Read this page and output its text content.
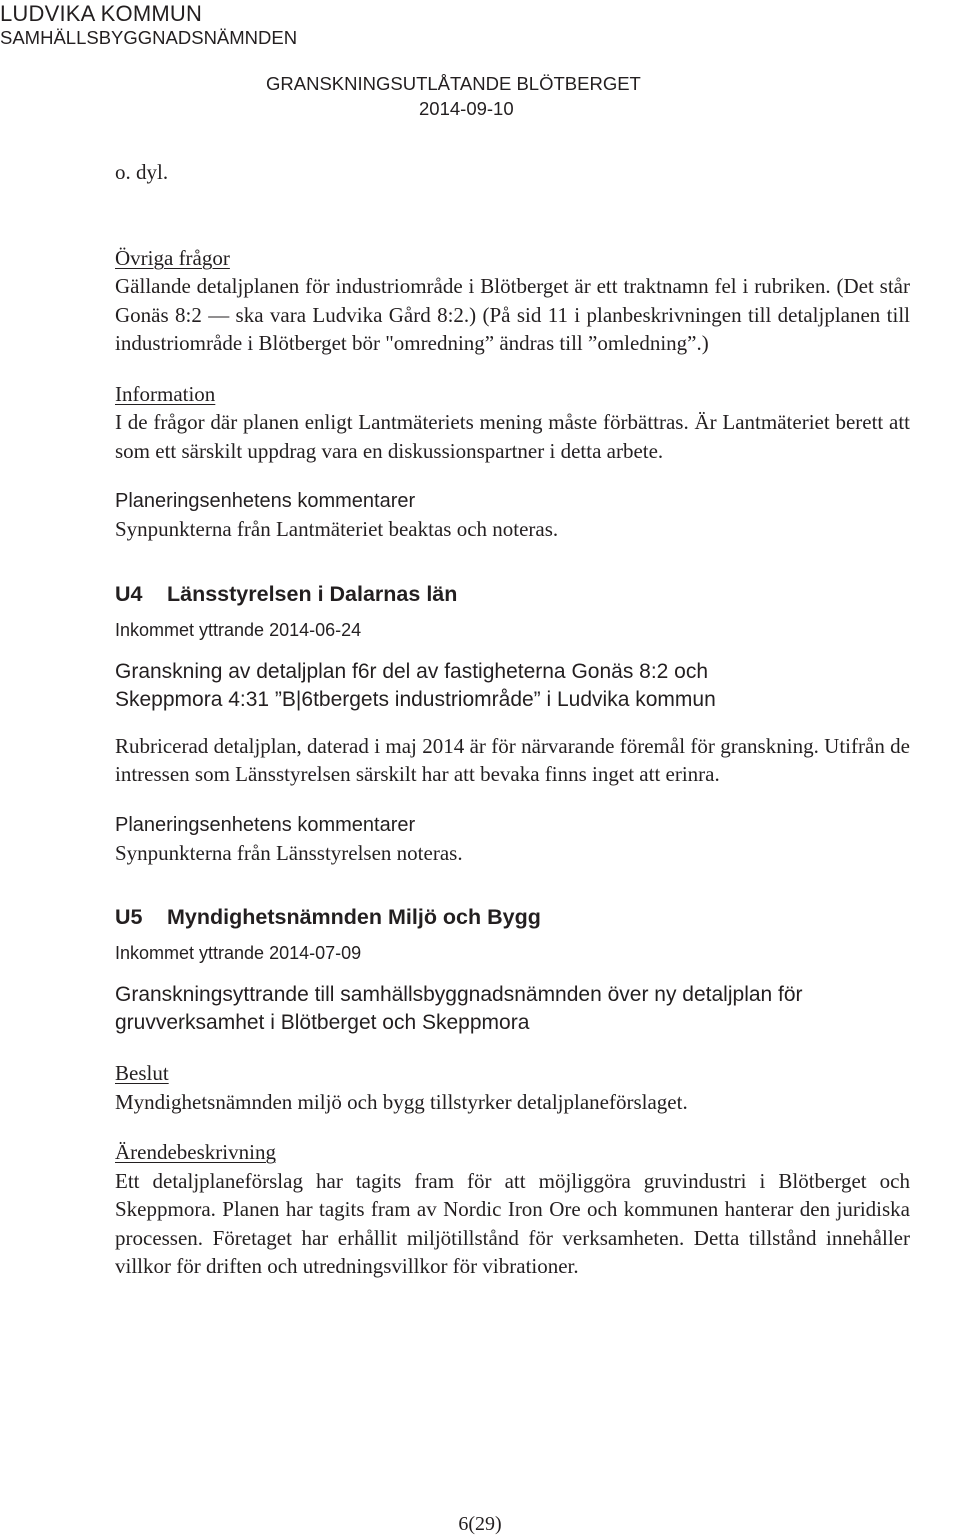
LUDVIKA KOMMUN
SAMHÄLLSBYGGNADSNÄMNDEN
GRANSKNINGSUTLÅTANDE BLÖTBERGET
2014-09-10

o. dyl.

Övriga frågor

Gällande detaljplanen för industriområde i Blötberget är ett traktnamn fel i rubriken. (Det står Gonäs 8:2 — ska vara Ludvika Gård 8:2.) (På sid 11 i planbeskrivningen till detaljplanen till industriområde i Blötberget bör "omredning” ändras till ”omledning”.)

Information

I de frågor där planen enligt Lantmäteriets mening måste förbättras. Är Lantmäteriet berett att som ett särskilt uppdrag vara en diskussionspartner i detta arbete.

Planeringsenhetens kommentarer

Synpunkterna från Lantmäteriet beaktas och noteras.

U4 Länsstyrelsen i Dalarnas län

Inkommet yttrande 2014-06-24

Granskning av detaljplan f6r del av fastigheterna Gonäs 8:2 och

Skeppmora 4:31 ”B|6tbergets industriområde” i Ludvika kommun

Rubricerad detaljplan, daterad i maj 2014 är för närvarande föremål för granskning. Utifrån de intressen som Länsstyrelsen särskilt har att bevaka finns inget att erinra.

Planeringsenhetens kommentarer

Synpunkterna från Länsstyrelsen noteras.

U5 Myndighetsnämnden Miljö och Bygg

Inkommet yttrande 2014-07-09

Granskningsyttrande till samhällsbyggnadsnämnden över ny detaljplan för

gruvverksamhet i Blötberget och Skeppmora

Beslut

Myndighetsnämnden miljö och bygg tillstyrker detaljplaneförslaget.

Ärendebeskrivning

Ett detaljplaneförslag har tagits fram för att möjliggöra gruvindustri i Blötberget och Skeppmora. Planen har tagits fram av Nordic Iron Ore och kommunen hanterar den juridiska processen. Företaget har erhållit miljötillstånd för verksamheten. Detta tillstånd innehåller villkor för driften och utredningsvillkor för vibrationer.

6(29)
